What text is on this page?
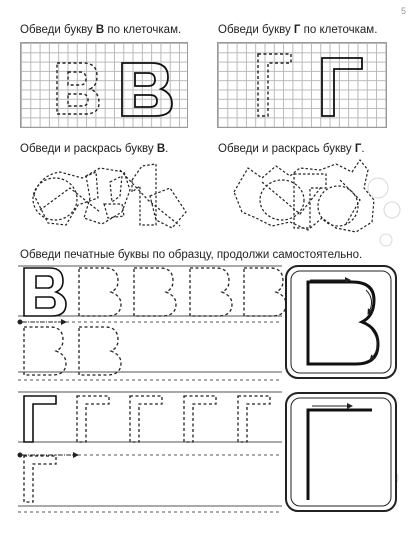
5
Обведи букву В по клеточкам.	Обведи букву Г по клеточкам.
Обведи и раскрась букву В.	Обведи и раскрась букву Г.
Обведи печатные буквы по образцу, продолжи самостоятельно.
